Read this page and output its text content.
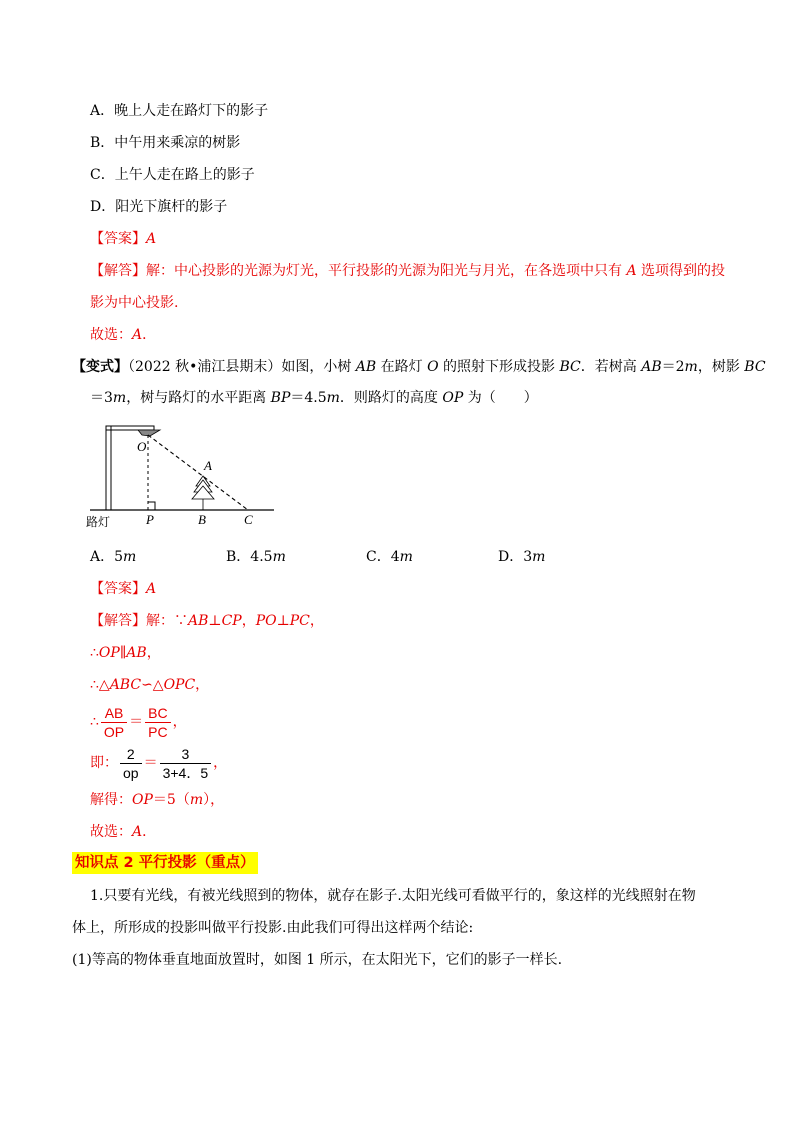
A．晚上人走在路灯下的影子
B．中午用来乘凉的树影
C．上午人走在路上的影子
D．阳光下旗杆的影子
【答案】A
【解答】解：中心投影的光源为灯光，平行投影的光源为阳光与月光，在各选项中只有 A 选项得到的投
影为中心投影.
故选：A．
【变式】（2022 秋•浦江县期末）如图，小树 AB 在路灯 O 的照射下形成投影 BC．若树高 AB＝2m，树影 BC
＝3m，树与路灯的水平距离 BP＝4.5m．则路灯的高度 OP 为（　　）
O
A
P	B	C
路灯
A．5m	B．4.5m	C．4m	D．3m
【答案】A
【解答】解：∵AB⊥CP，PO⊥PC，
∴OP∥AB，
∴△ABC∽△OPC，
∴ $\frac{AB}{OP} = \frac{BC}{PC}$ ，
即： $\frac{2}{op} = \frac{3}{3+4.5}$ ，
解得：OP＝5（m），
故选：A．
知识点 2 平行投影（重点）
1.只要有光线，有被光线照到的物体，就存在影子.太阳光线可看做平行的，象这样的光线照射在物
体上，所形成的投影叫做平行投影.由此我们可得出这样两个结论:
(1)等高的物体垂直地面放置时，如图 1 所示，在太阳光下，它们的影子一样长.
